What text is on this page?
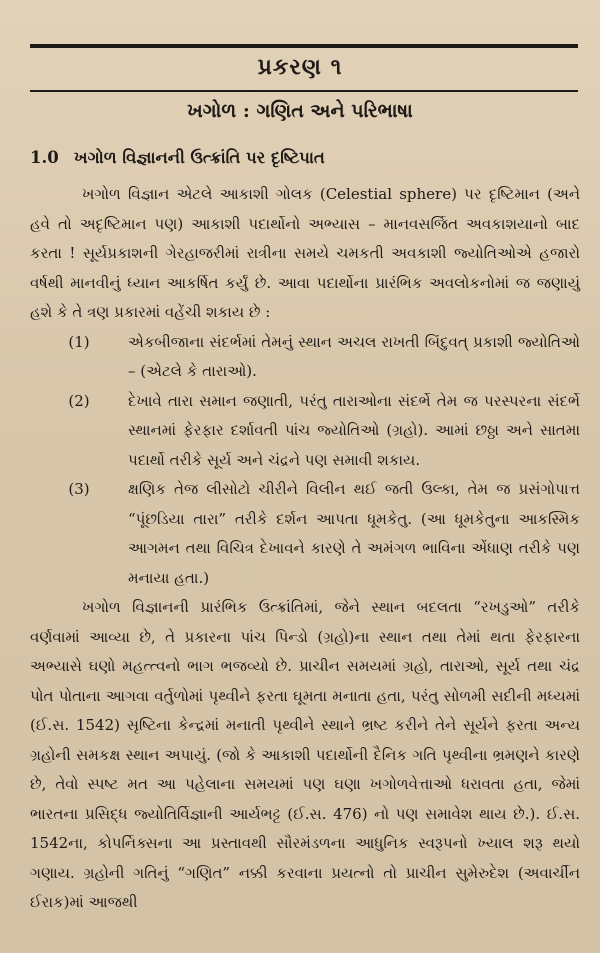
પ્રકરણ ૧
ખગોળ : ગણિત અને પરિભાષા
1.0 ખગોળ વિજ્ઞાનની ઉત્ક્રાંતિ પર દૃષ્ટિપાત

ખગોળ વિજ્ઞાન એટલે આકાશી ગોલક (Celestial sphere) પર દૃષ્ટિમાન (અને હવે તો અદૃષ્ટિમાન પણ) આકાશી પદાર્થોનો અભ્યાસ – માનવસર્જિત અવકાશયાનો બાદ કરતા ! સૂર્યપ્રકાશની ગેરહાજરીમાં રાત્રીના સમયે ચમકતી અવકાશી જ્યોતિઓએ હજારો વર્ષથી માનવીનું ધ્યાન આકર્ષિત કર્યું છે. આવા પદાર્થોના પ્રારંભિક અવલોકનોમાં જ જણાયું હશે કે તે ત્રણ પ્રકારમાં વહેંચી શકાય છે :

(1)	એકબીજાના સંદર્ભમાં તેમનું સ્થાન અચલ રાખતી બિંદુવત્ પ્રકાશી જ્યોતિઓ – (એટલે કે તારાઓ).
(2)	દેખાવે તારા સમાન જણાતી, પરંતુ તારાઓના સંદર્ભે તેમ જ પરસ્પરના સંદર્ભે સ્થાનમાં ફેરફાર દર્શાવતી પાંચ જ્યોતિઓ (ગ્રહો). આમાં છઠ્ઠા અને સાતમા પદાર્થો તરીકે સૂર્ય અને ચંદ્રને પણ સમાવી શકાય.
(3)	ક્ષણિક તેજ લીસોટો ચીરીને વિલીન થઈ જતી ઉલ્કા, તેમ જ પ્રસંગોપાત્ત “પૂંછડિયા તારા” તરીકે દર્શન આપતા ધૂમકેતુ. (આ ધૂમકેતુના આકસ્મિક આગમન તથા વિચિત્ર દેખાવને કારણે તે અમંગળ ભાવિના એંધાણ તરીકે પણ મનાયા હતા.)

ખગોળ વિજ્ઞાનની પ્રારંભિક ઉત્ક્રાંતિમાં, જેને સ્થાન બદલતા “રખડુઓ” તરીકે વર્ણવામાં આવ્યા છે, તે પ્રકારના પાંચ પિન્ડો (ગ્રહો)ના સ્થાન તથા તેમાં થતા ફેરફારના અભ્યાસે ઘણો મહત્ત્વનો ભાગ ભજવ્યો છે. પ્રાચીન સમયમાં ગ્રહો, તારાઓ, સૂર્ય તથા ચંદ્ર પોત પોતાના આગવા વર્તુળોમાં પૃથ્વીને ફરતા ઘૂમતા મનાતા હતા, પરંતુ સોળમી સદીની મધ્યમાં (ઈ.સ. 1542) સૃષ્ટિના કેન્દ્રમાં મનાતી પૃથ્વીને સ્થાને ભ્રષ્ટ કરીને તેને સૂર્યને ફરતા અન્ય ગ્રહોની સમકક્ષ સ્થાન અપાયું. (જો કે આકાશી પદાર્થોની દૈનિક ગતિ પૃથ્વીના ભ્રમણને કારણે છે, તેવો સ્પષ્ટ મત આ પહેલાના સમયમાં પણ ઘણા ખગોળવેત્તાઓ ધરાવતા હતા, જેમાં ભારતના પ્રસિદ્ધ જ્યોતિર્વિજ્ઞાની આર્યભટ્ટ (ઈ.સ. 476) નો પણ સમાવેશ થાય છે.). ઈ.સ. 1542ના, કોપર્નિક્સના આ પ્રસ્તાવથી સૌરમંડળના આધુનિક સ્વરૂપનો ખ્યાલ શરૂ થયો ગણાય. ગ્રહોની ગતિનું “ગણિત” નક્કી કરવાના પ્રયત્નો તો પ્રાચીન સુમેરુદેશ (અવાર્ચીન ઈરાક)માં આજથી
